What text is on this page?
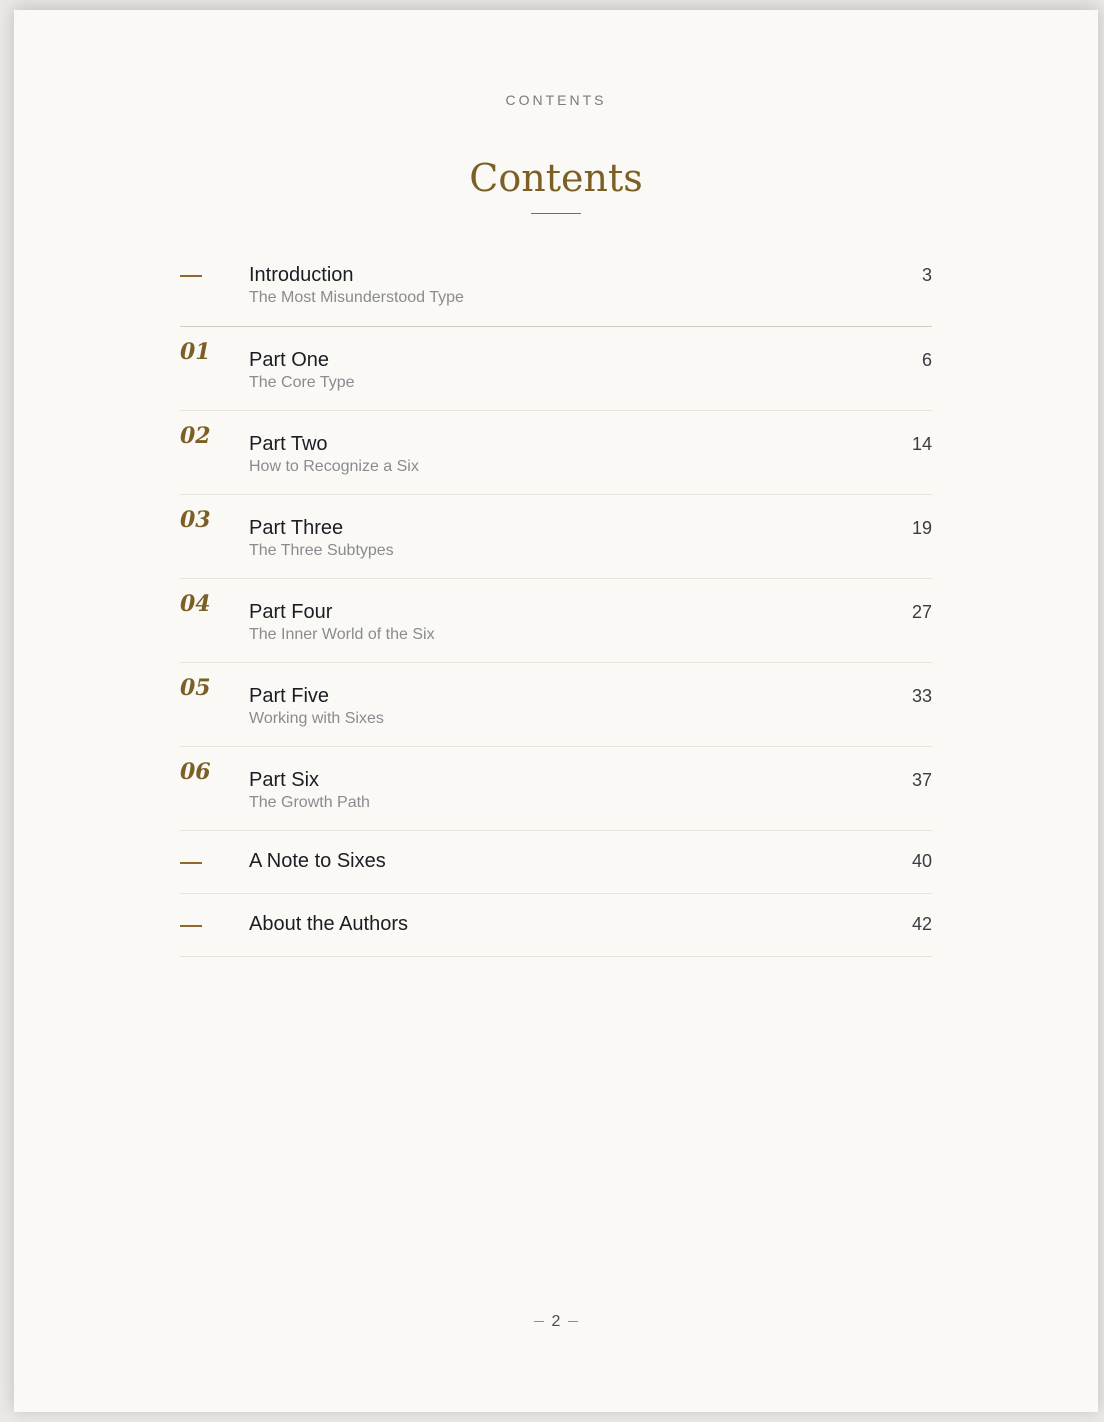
CONTENTS
Contents
Introduction
The Most Misunderstood Type
3
01 Part One
The Core Type
6
02 Part Two
How to Recognize a Six
14
03 Part Three
The Three Subtypes
19
04 Part Four
The Inner World of the Six
27
05 Part Five
Working with Sixes
33
06 Part Six
The Growth Path
37
A Note to Sixes	40
About the Authors	42
2
